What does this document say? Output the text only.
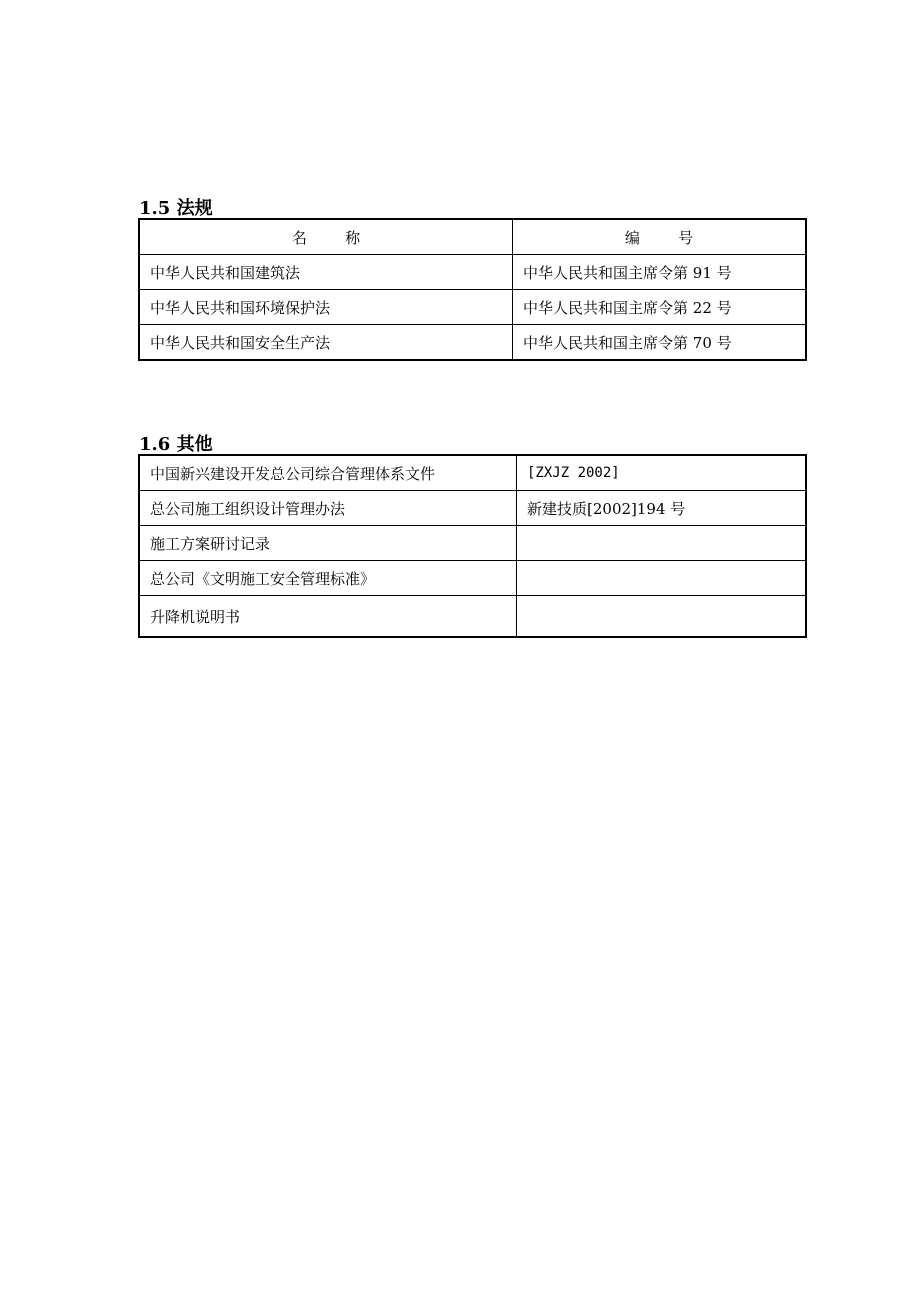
1.5 法规
名        称	编        号
中华人民共和国建筑法	中华人民共和国主席令第 91 号
中华人民共和国环境保护法	中华人民共和国主席令第 22 号
中华人民共和国安全生产法	中华人民共和国主席令第 70 号
1.6 其他
中国新兴建设开发总公司综合管理体系文件	[ZXJZ 2002]
总公司施工组织设计管理办法	新建技质[2002]194 号
施工方案研讨记录	
总公司《文明施工安全管理标准》	
升降机说明书	
